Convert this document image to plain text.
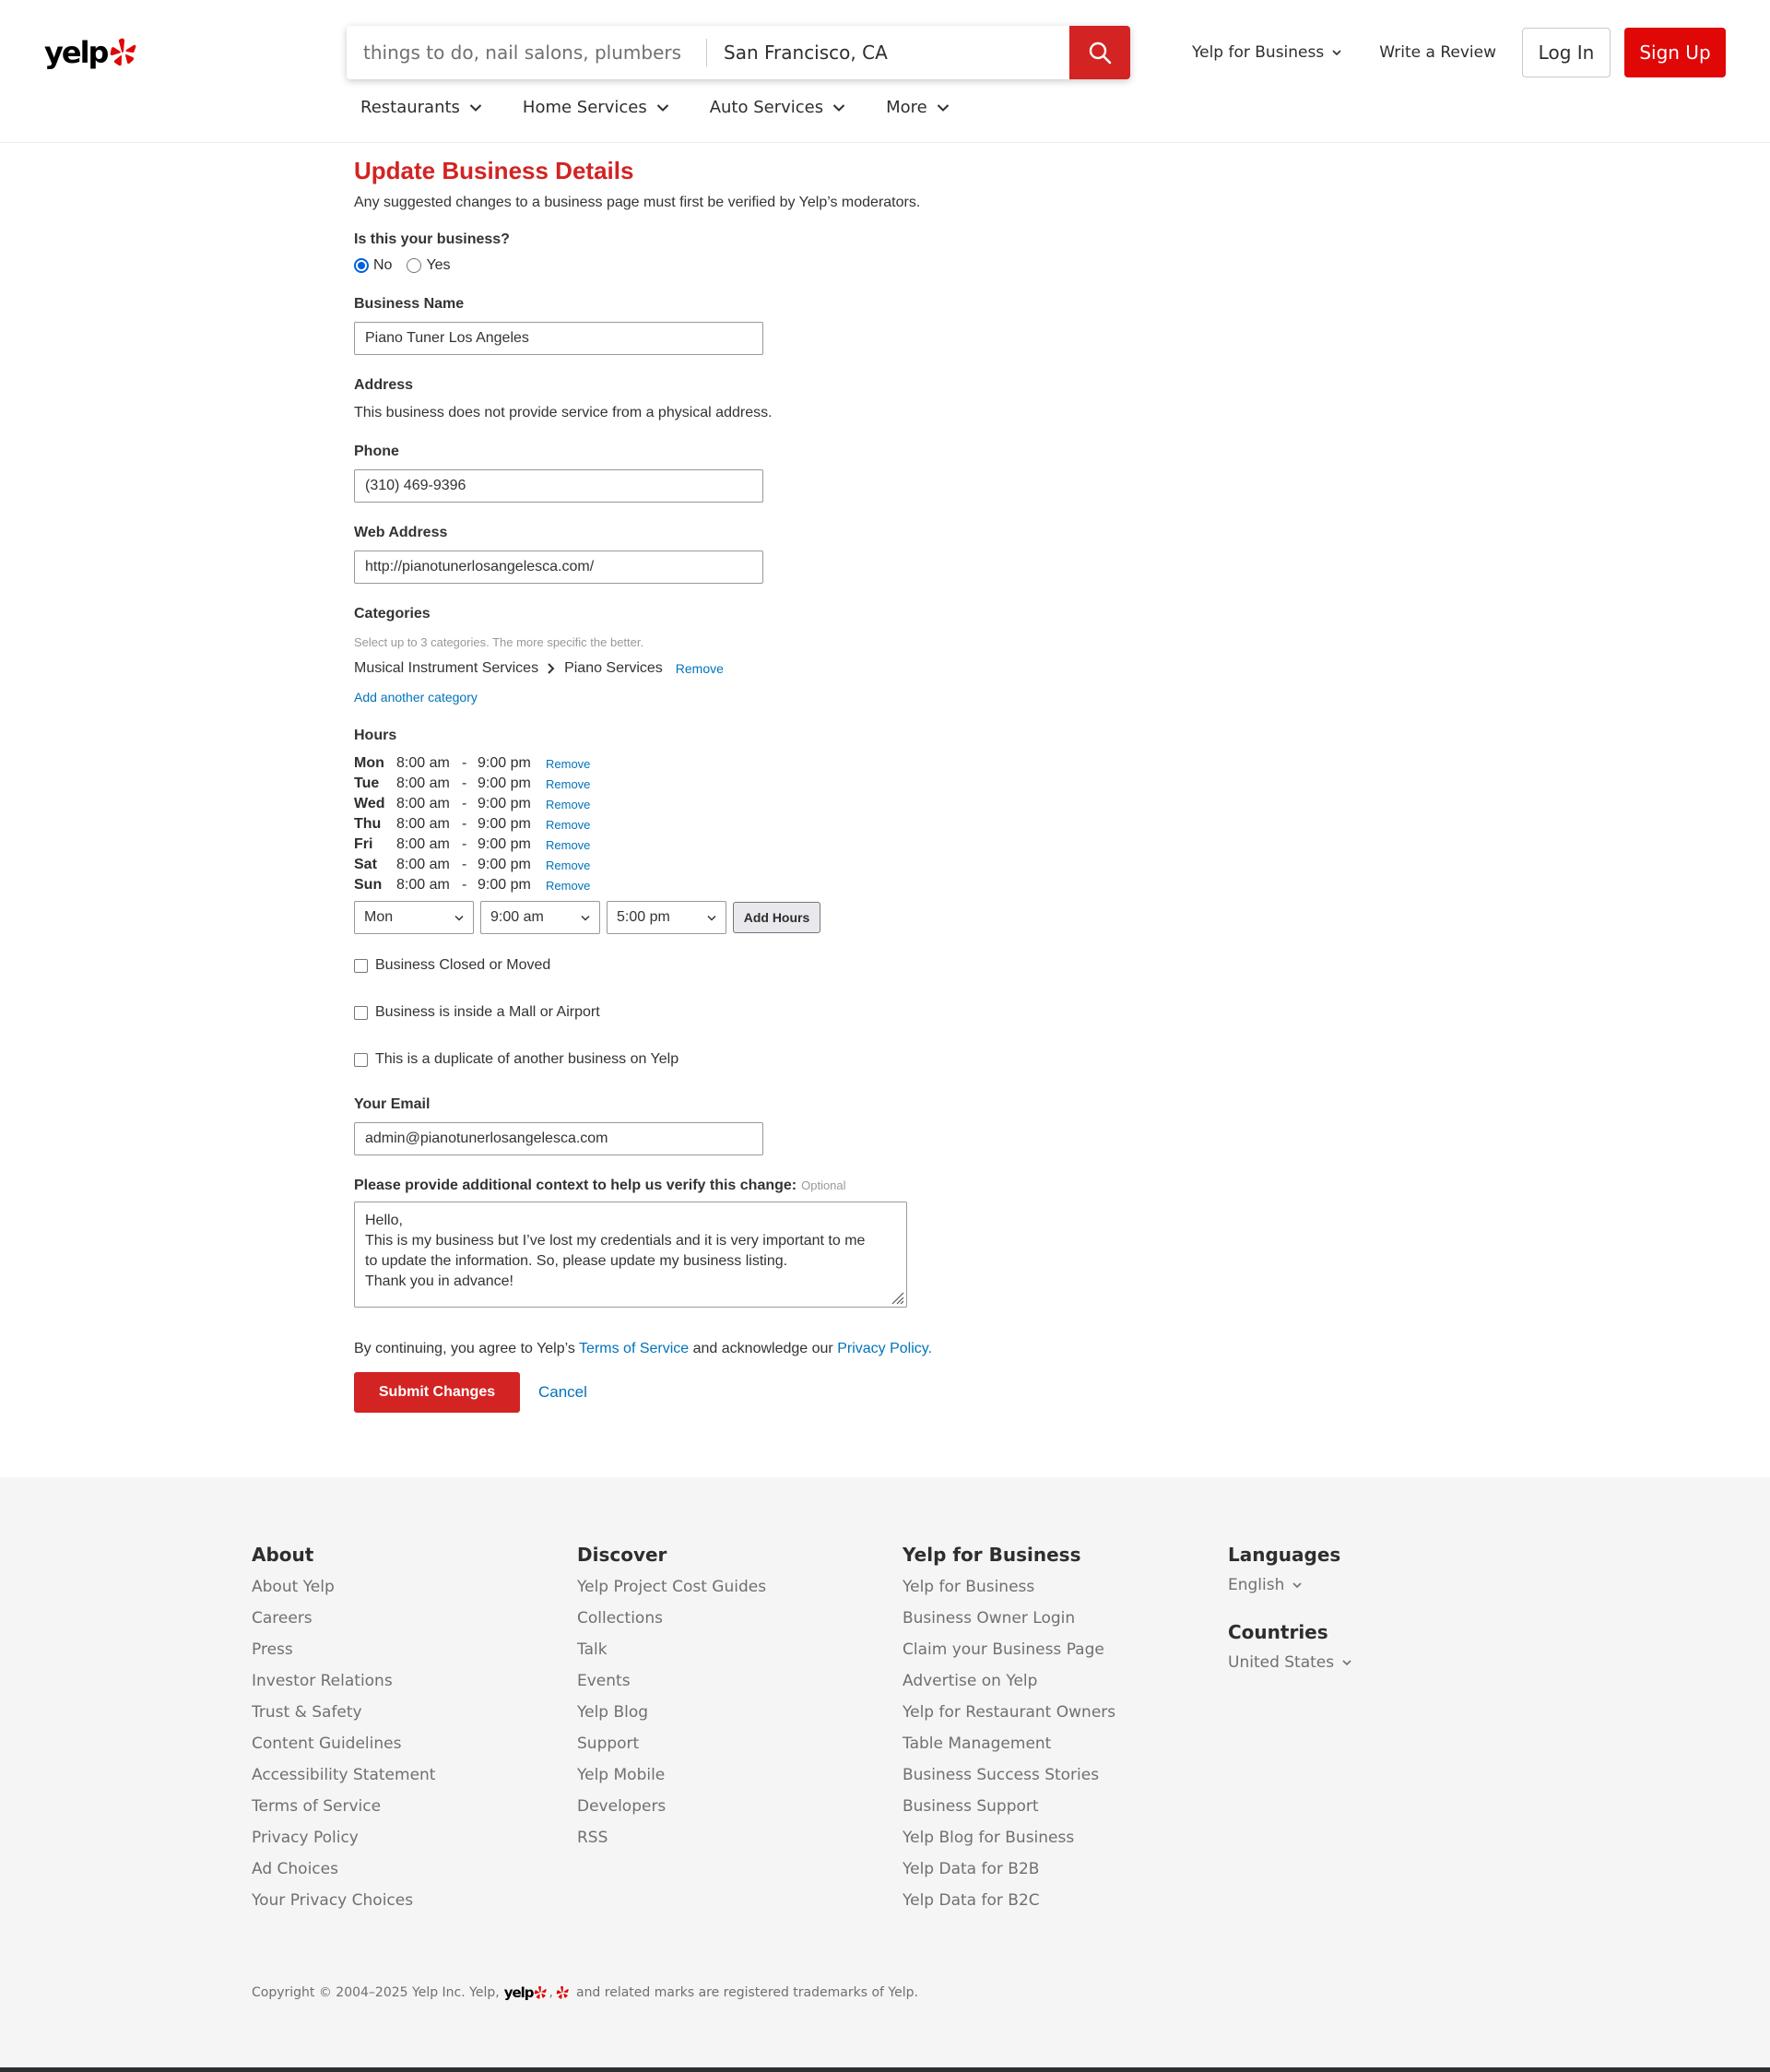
yelp	things to do, nail salons, plumbers	San Francisco, CA
Restaurants	Home Services	Auto Services	More
Yelp for Business	Write a Review	Log In	Sign Up
Update Business Details
Any suggested changes to a business page must first be verified by Yelp’s moderators.
Is this your business?
No Yes
Business Name
Piano Tuner Los Angeles
Address
This business does not provide service from a physical address.
Phone
(310) 469-9396
Web Address
http://pianotunerlosangelesca.com/
Categories
Select up to 3 categories. The more specific the better.
Musical Instrument Services Piano Services Remove
Add another category
Hours
Mon 8:00 am - 9:00 pm	Remove
Tue	8:00 am - 9:00 pm	Remove
Wed 8:00 am - 9:00 pm	Remove
Thu	8:00 am - 9:00 pm	Remove
Fri	8:00 am - 9:00 pm	Remove
Sat	8:00 am - 9:00 pm	Remove
Sun 8:00 am - 9:00 pm	Remove
Mon	9:00 am	5:00 pm	Add Hours
Business Closed or Moved
Business is inside a Mall or Airport
This is a duplicate of another business on Yelp
Your Email
admin@pianotunerlosangelesca.com
Please provide additional context to help us verify this change: Optional
Hello,
This is my business but I’ve lost my credentials and it is very important to me
to update the information. So, please update my business listing.
Thank you in advance!
By continuing, you agree to Yelp’s Terms of Service and acknowledge our Privacy Policy.
Submit Changes	Cancel
About
About Yelp
Careers
Press
Investor Relations
Trust & Safety
Content Guidelines
Accessibility Statement
Terms of Service
Privacy Policy
Ad Choices
Your Privacy Choices
Discover
Yelp Project Cost Guides
Collections
Talk
Events
Yelp Blog
Support
Yelp Mobile
Developers
RSS
Yelp for Business
Yelp for Business
Business Owner Login
Claim your Business Page
Advertise on Yelp
Yelp for Restaurant Owners
Table Management
Business Success Stories
Business Support
Yelp Blog for Business
Yelp Data for B2B
Yelp Data for B2C
Languages
English
Countries
United States
Copyright © 2004–2025 Yelp Inc. Yelp, yelp , and related marks are registered trademarks of Yelp.
